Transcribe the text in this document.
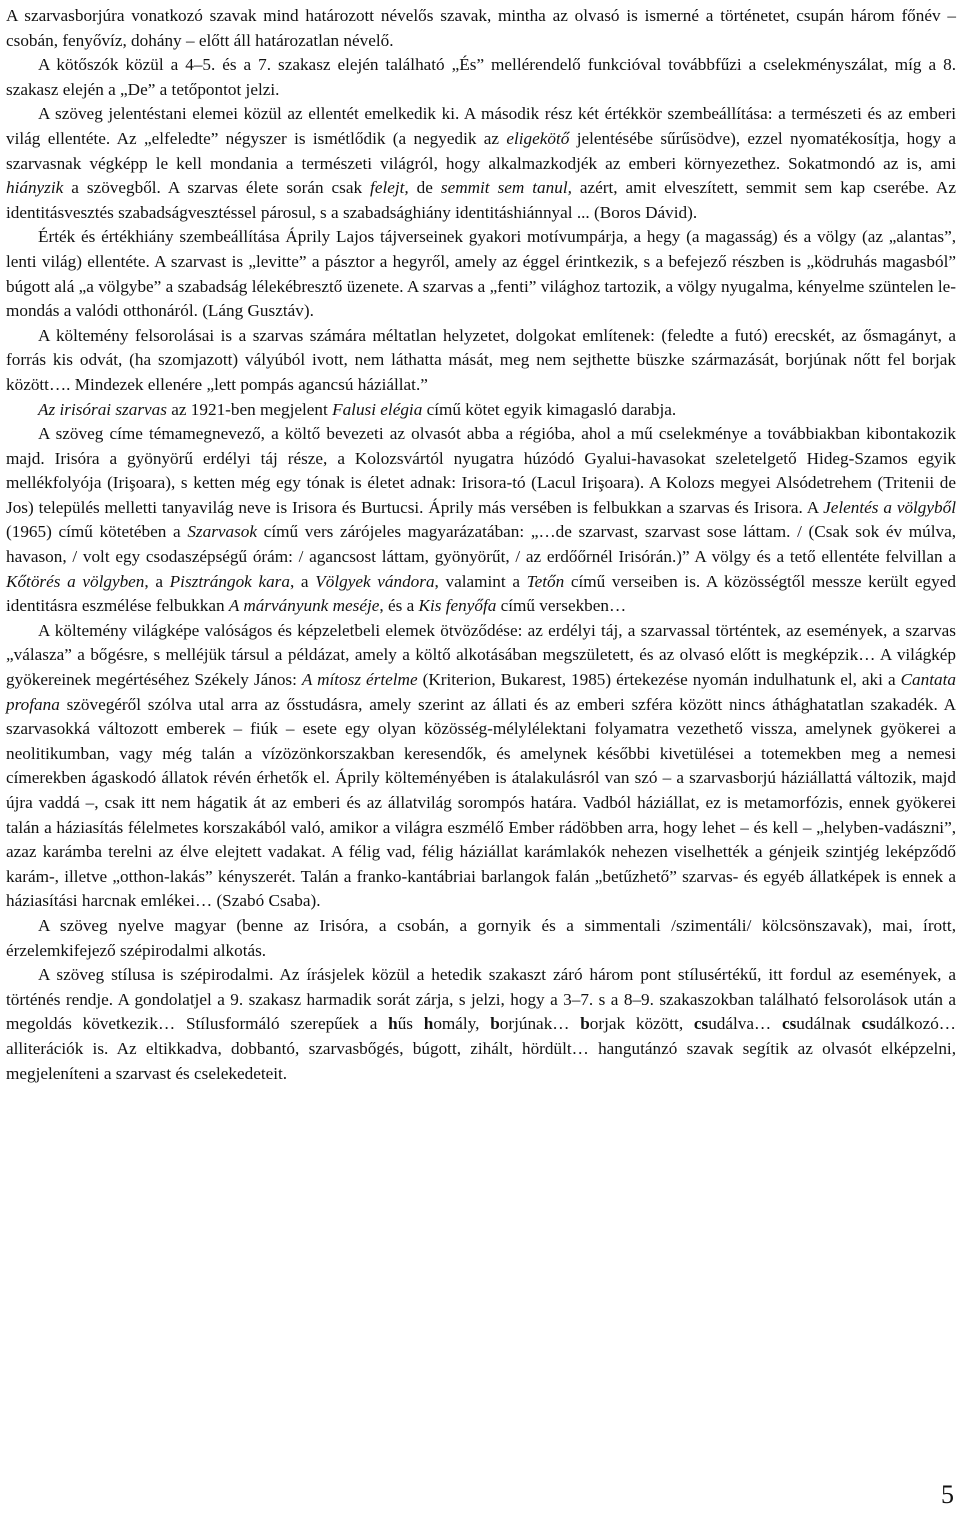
A szarvasborjúra vonatkozó szavak mind határozott névelős szavak, mintha az olvasó is ismerné a történetet, csupán három főnév – csobán, fenyővíz, dohány – előtt áll határozatlan névelő.

A kötőszók közül a 4–5. és a 7. szakasz elején található „És” mellérendelő funkcióval továbbfűzi a cselekményszálat, míg a 8. szakasz elején a „De” a tetőpontot jelzi.

A szöveg jelentéstani elemei közül az ellentét emelkedik ki. A második rész két értékkör szembeállítása: a természeti és az emberi világ ellentéte. Az „elfeledte” négyszer is ismétlődik (a negyedik az eligekötő jelentésébe sűrűsödve), ezzel nyomatékosítja, hogy a szarvasnak végképp le kell mondania a természeti világról, hogy alkalmazkodjék az emberi környezethez. Sokatmondó az is, ami hiányzik a szövegből. A szarvas élete során csak felejt, de semmit sem tanul, azért, amit elveszített, semmit sem kap cserébe. Az identitásvesztés szabadságvesztéssel párosul, s a szabadsághiány identitáshiánnyal ... (Boros Dávid).

Érték és értékhiány szembeállítása Áprily Lajos tájverseinek gyakori motívumpárja, a hegy (a magasság) és a völgy (az „alantas”, lenti világ) ellentéte. A szarvast is „levitte” a pásztor a hegyről, amely az éggel érintkezik, s a befejező részben is „ködruhás magasból” búgott alá „a völgybe” a szabadság lélekébresztő üzenete. A szarvas a „fenti” világhoz tartozik, a völgy nyugalma, kényelme szüntelen lemondás a valódi otthonáról. (Láng Gusztáv).

A költemény felsorolásai is a szarvas számára méltatlan helyzetet, dolgokat említenek: (feledte a futó) erecskét, az ősmagányt, a forrás kis odvát, (ha szomjazott) vályúból ivott, nem láthatta mását, meg nem sejthette büszke származását, borjúnak nőtt fel borjak között…. Mindezek ellenére „lett pompás agancsú háziállat.”

Az irisórai szarvas az 1921-ben megjelent Falusi elégia című kötet egyik kimagasló darabja.

A szöveg címe témamegnevező, a költő bevezeti az olvasót abba a régióba, ahol a mű cselekménye a továbbiakban kibontakozik majd. Irisóra a gyönyörű erdélyi táj része, a Kolozsvártól nyugatra húzódó Gyalui-havasokat szeletelgető Hideg-Szamos egyik mellékfolyója (Irişoara), s ketten még egy tónak is életet adnak: Irisora-tó (Lacul Irişoara). A Kolozs megyei Alsódetrehem (Tritenii de Jos) település melletti tanyavilág neve is Irisora és Burtucsi. Áprily más versében is felbukkan a szarvas és Irisora. A Jelentés a völgyből (1965) című kötetében a Szarvasok című vers zárójeles magyarázatában: „…de szarvast, szarvast sose láttam. / (Csak sok év múlva, havason, / volt egy csodaszépségű órám: / agancsost láttam, gyönyörűt, / az erdőőrnél Irisórán.)” A völgy és a tető ellentéte felvillan a Kőtörés a völgyben, a Pisztrángok kara, a Völgyek vándora, valamint a Tetőn című verseiben is. A közösségtől messze került egyed identitásra eszmélése felbukkan A márványunk meséje, és a Kis fenyőfa című versekben…

A költemény világképe valóságos és képzeletbeli elemek ötvöződése: az erdélyi táj, a szarvassal történtek, az események, a szarvas „válasza” a bőgésre, s melléjük társul a példázat, amely a költő alkotásában megszületett, és az olvasó előtt is megképzik… A világkép gyökereinek megértéséhez Székely János: A mítosz értelme (Kriterion, Bukarest, 1985) értekezése nyomán indulhatunk el, aki a Cantata profana szövegéről szólva utal arra az ősstudásra, amely szerint az állati és az emberi szféra között nincs áthághatatlan szakadék. A szarvasokká változott emberek – fiúk – esete egy olyan közösség-mélylélektani folyamatra vezethető vissza, amelynek gyökerei a neolitikumban, vagy még talán a vízözönkorszakban keresendők, és amelynek későbbi kivetülései a totemekben meg a nemesi címerekben ágaskodó állatok révén érhetők el. Áprily költeményében is átalakulásról van szó – a szarvasborjú háziállattá változik, majd újra vaddá –, csak itt nem hágatik át az emberi és az állatvilág sorompós határa. Vadból háziállat, ez is metamorfózis, ennek gyökerei talán a háziasítás félelmetes korszakából való, amikor a világra eszmélő Ember rádöbben arra, hogy lehet – és kell – „helyben-vadászni”, azaz karámba terelni az élve elejtett vadakat. A félig vad, félig háziállat karámlakók nehezen viselhették a génjeik szintjég leképződő karám-, illetve „otthon-lakás” kényszerét. Talán a franko-kantábriai barlangok falán „betűzhető” szarvas- és egyéb állatképek is ennek a háziasítási harcnak emlékei… (Szabó Csaba).

A szöveg nyelve magyar (benne az Irisóra, a csobán, a gornyik és a simmentali /szimentáli/ kölcsönszavak), mai, írott, érzelemkifejező szépirodalmi alkotás.

A szöveg stílusa is szépirodalmi. Az írásjelek közül a hetedik szakaszt záró három pont stílusértékű, itt fordul az események, a történés rendje. A gondolatjel a 9. szakasz harmadik sorát zárja, s jelzi, hogy a 3–7. s a 8–9. szakaszokban található felsorolások után a megoldás következik… Stílusformáló szerepűek a hűs homály, borjúnak… borjak között, csudálva… csudálnak csudálkozó… alliterációk is. Az eltikkadva, dobbantó, szarvasbőgés, búgott, zihált, hördült… hangutánzó szavak segítik az olvasót elképzelni, megjeleníteni a szarvast és cselekedeteit.

5
